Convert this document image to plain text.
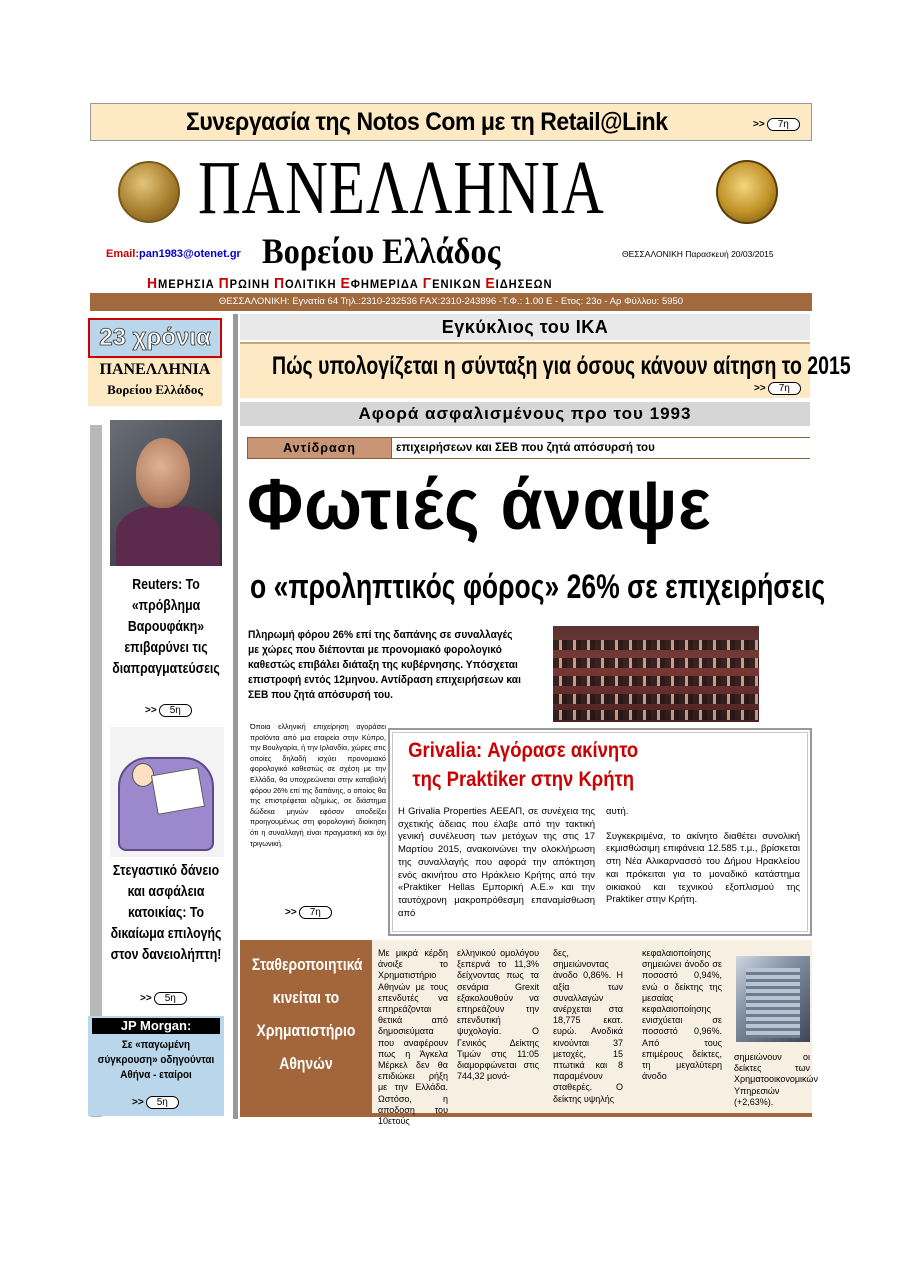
Συνεργασία της Notos Com με τη Retail@Link	>> 7η
ΠΑΝΕΛΛΗΝΙΑ
Βορείου Ελλάδος
Email:pan1983@otenet.gr	ΘΕΣΣΑΛΟΝΙΚΗ Παρασκευή 20/03/2015
ΗΜΕΡΗΣΙΑ ΠΡΩΙΝΗ ΠΟΛΙΤΙΚΗ ΕΦΗΜΕΡΙΔΑ ΓΕΝΙΚΩΝ ΕΙΔΗΣΕΩΝ
ΘΕΣΣΑΛΟΝΙΚΗ: Εγνατία 64 Τηλ.:2310-232536 FAX:2310-243896 -Τ.Φ.: 1.00 Ε - Ετος: 23ο - Αρ Φύλλου: 5950
23 χρόνια
ΠΑΝΕΛΛΗΝΙΑ
Βορείου Ελλάδος
Reuters: Το «πρόβλημα Βαρουφάκη» επιβαρύνει τις διαπραγματεύσεις
>> 5η
Στεγαστικό δάνειο και ασφάλεια κατοικίας: Το δικαίωμα επιλογής στον δανειολήπτη!
>> 5η
JP Morgan:
Σε «παγωμένη σύγκρουση» οδηγούνται Αθήνα - εταίροι
>> 5η
Εγκύκλιος του ΙΚΑ
Πώς υπολογίζεται η σύνταξη για όσους κάνουν αίτηση το 2015
>> 7η
Αφορά ασφαλισμένους προ του 1993
Αντίδραση	επιχειρήσεων και ΣΕΒ που ζητά απόσυρσή του
Φωτιές άναψε
ο «προληπτικός φόρος» 26% σε επιχειρήσεις
Πληρωμή φόρου 26% επί της δαπάνης σε συναλλαγές με χώρες που διέπονται με προνομιακό φορολογικό καθεστώς επιβάλει διάταξη της κυβέρνησης. Υπόσχεται επιστροφή εντός 12μηνου. Αντίδραση επιχειρήσεων και ΣΕΒ που ζητά απόσυρσή του.
Όποια ελληνική επιχείρηση αγοράσει προϊόντα από μια εταιρεία στην Κύπρο, την Βουλγαρία, ή την Ιρλανδία, χώρες στις οποίες δηλαδή ισχύει προνομιακό φορολογικό καθεστώς σε σχέση με την Ελλάδα, θα υποχρεώνεται στην καταβολή φόρου 26% επί της δαπάνης, ο οποίος θα της επιστρέφεται αζημίως, σε διάστημα δώδεκα μηνών εφόσον αποδείξει προηγουμένως στη φορολογική διοίκηση ότι η συναλλαγή είναι πραγματική και όχι τριγωνική.
>> 7η
Grivalia: Αγόρασε ακίνητο
της Praktiker στην Κρήτη
Η Grivalia Properties ΑΕΕΑΠ, σε συνέχεια της σχετικής άδειας που έλαβε από την τακτική γενική συνέλευση των μετόχων της στις 17 Μαρτίου 2015, ανακοινώνει την ολοκλήρωση της συναλλαγής που αφορά την απόκτηση ενός ακινήτου στο Ηράκλειο Κρήτης από την «Praktiker Hellas Εμπορική Α.Ε.» και την ταυτόχρονη μακροπρόθεσμη επαναμίσθωση από
αυτή.
Συγκεκριμένα, το ακίνητο διαθέτει συνολική εκμισθώσιμη επιφάνεια 12.585 τ.μ., βρίσκεται στη Νέα Αλικαρνασσό του Δήμου Ηρακλείου και πρόκειται για το μοναδικό κατάστημα οικιακού και τεχνικού εξοπλισμού της Praktiker στην Κρήτη.
Σταθεροποιητικά κινείται το Χρηματιστήριο Αθηνών
Με μικρά κέρδη άνοιξε το Χρηματιστήριο Αθηνών με τους επενδυτές να επηρεάζονται θετικά από δημοσιεύματα που αναφέρουν πως η Άγκελα Μέρκελ δεν θα επιδιώκει ρήξη με την Ελλάδα. Ωστόσο, η αποδοση του 10ετούς
ελληνικού ομολόγου ξεπερνά το 11,3% δείχνοντας πως τα σενάρια Grexit εξακολουθούν να επηρεάζουν την επενδυτική ψυχολογία. Ο Γενικός Δείκτης Τιμών στις 11:05 διαμορφώνεται στις 744,32 μονά-
δες, σημειώνοντας άνοδο 0,86%. Η αξία των συναλλαγών ανέρχεται στα 18,775 εκατ. ευρώ. Ανοδικά κινούνται 37 μετοχές, 15 πτωτικά και 8 παραμένουν σταθερές. Ο δείκτης υψηλής
κεφαλαιοποίησης σημειώνει άνοδο σε ποσοστό 0,94%, ενώ ο δείκτης της μεσαίας κεφαλαιοποίησης ενισχύεται σε ποσοστό 0,96%. Από τους επιμέρους δείκτες, τη μεγαλύτερη άνοδο
σημειώνουν οι δείκτες των Χρηματοοικονομικών Υπηρεσιών (+2,63%).
